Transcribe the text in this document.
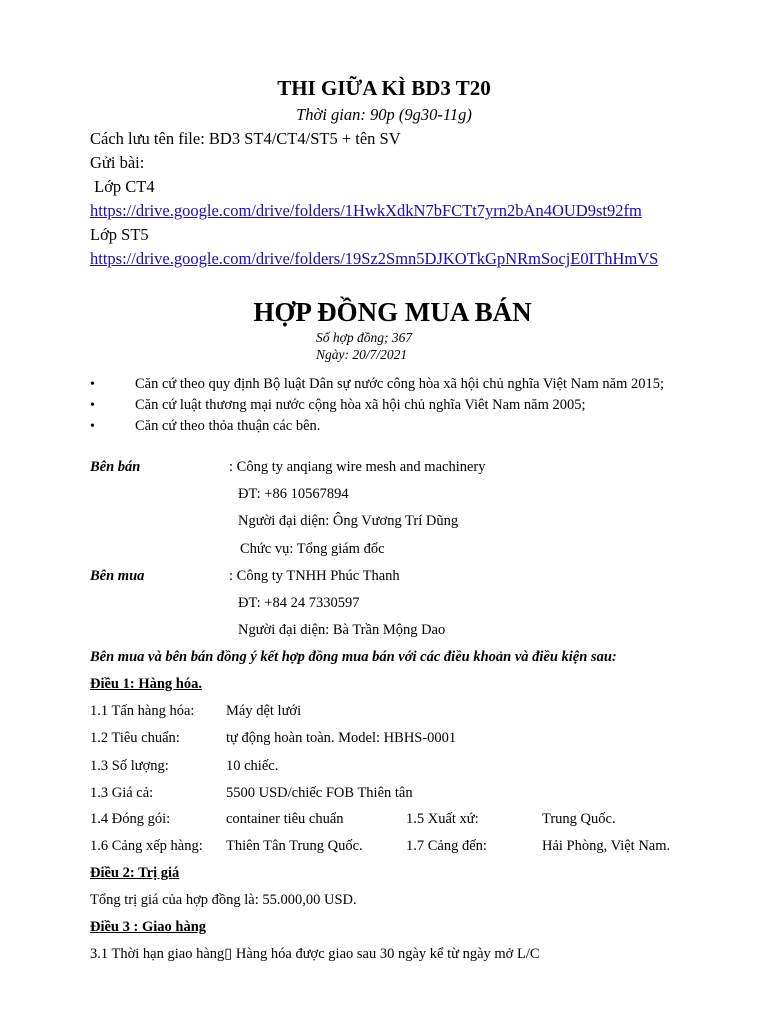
THI GIỮA KÌ BD3 T20
Thời gian: 90p (9g30-11g)
Cách lưu tên file: BD3 ST4/CT4/ST5 + tên SV
Gửi bài:
Lớp CT4
https://drive.google.com/drive/folders/1HwkXdkN7bFCTt7yrn2bAn4OUD9st92fm
Lớp ST5
https://drive.google.com/drive/folders/19Sz2Smn5DJKOTkGpNRmSocjE0IThHmVS
HỢP ĐỒNG MUA BÁN
Số hợp đồng; 367
Ngày: 20/7/2021
•	Căn cứ theo quy định Bộ luật Dân sự nước công hòa xã hội chủ nghĩa Việt Nam năm 2015;
•	Căn cứ luật thương mại nước cộng hòa xã hội chủ nghĩa Viêt Nam năm 2005;
•	Căn cứ theo thỏa thuận các bên.
Bên bán	: Công ty anqiang wire mesh and machinery
ĐT: +86 10567894
Người đại diện: Ông Vương Trí Dũng
Chức vụ: Tổng giám đốc
Bên mua	: Công ty TNHH Phúc Thanh
ĐT: +84 24 7330597
Người đại diện: Bà Trần Mộng Dao
Bên mua và bên bán đồng ý kết hợp đồng mua bán với các điều khoản và điều kiện sau:
Điều 1: Hàng hóa.
1.1 Tấn hàng hóa: Máy dệt lưới
1.2 Tiêu chuẩn:	tự động hoàn toàn. Model: HBHS-0001
1.3 Số lượng:	10 chiếc.
1.3 Giá cả:	5500 USD/chiếc FOB Thiên tân
1.4 Đóng gói:	container tiêu chuẩn	1.5 Xuất xứ:	Trung Quốc.
1.6 Cảng xếp hàng: Thiên Tân Trung Quốc.	1.7 Cảng đến:	Hải Phòng, Việt Nam.
Điều 2: Trị giá
Tổng trị giá của hợp đồng là: 55.000,00 USD.
Điều 3 : Giao hàng
3.1 Thời hạn giao hàng▯ Hàng hóa được giao sau 30 ngày kể từ ngày mở L/C
